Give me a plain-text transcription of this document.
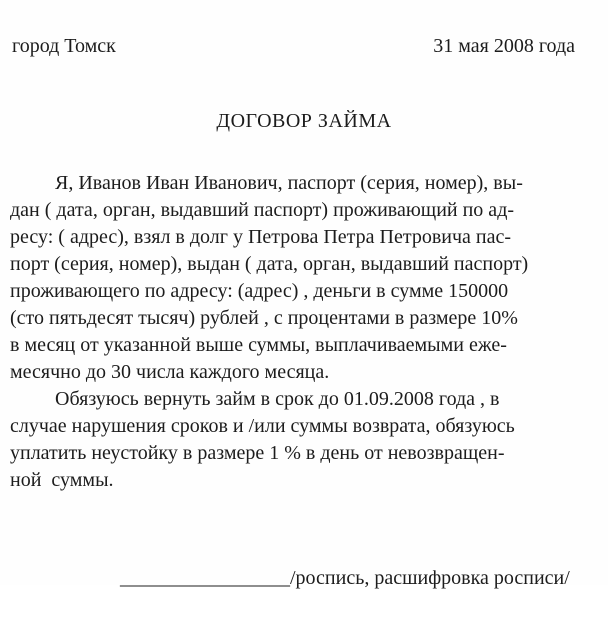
город Томск	31 мая 2008 года
ДОГОВОР ЗАЙМА
Я, Иванов Иван Иванович, паспорт (серия, номер), вы-
дан ( дата, орган, выдавший паспорт) проживающий по ад-
ресу: ( адрес), взял в долг у Петрова Петра Петровича пас-
порт (серия, номер), выдан ( дата, орган, выдавший паспорт)
проживающего по адресу: (адрес) , деньги в сумме 150000
(сто пятьдесят тысяч) рублей , с процентами в размере 10%
в месяц от указанной выше суммы, выплачиваемыми еже-
месячно до 30 числа каждого месяца.
Обязуюсь вернуть займ в срок до 01.09.2008 года , в
случае нарушения сроков и /или суммы возврата, обязуюсь
уплатить неустойку в размере 1 % в день от невозвращен-
ной  суммы.

_________________/роспись, расшифровка росписи/
